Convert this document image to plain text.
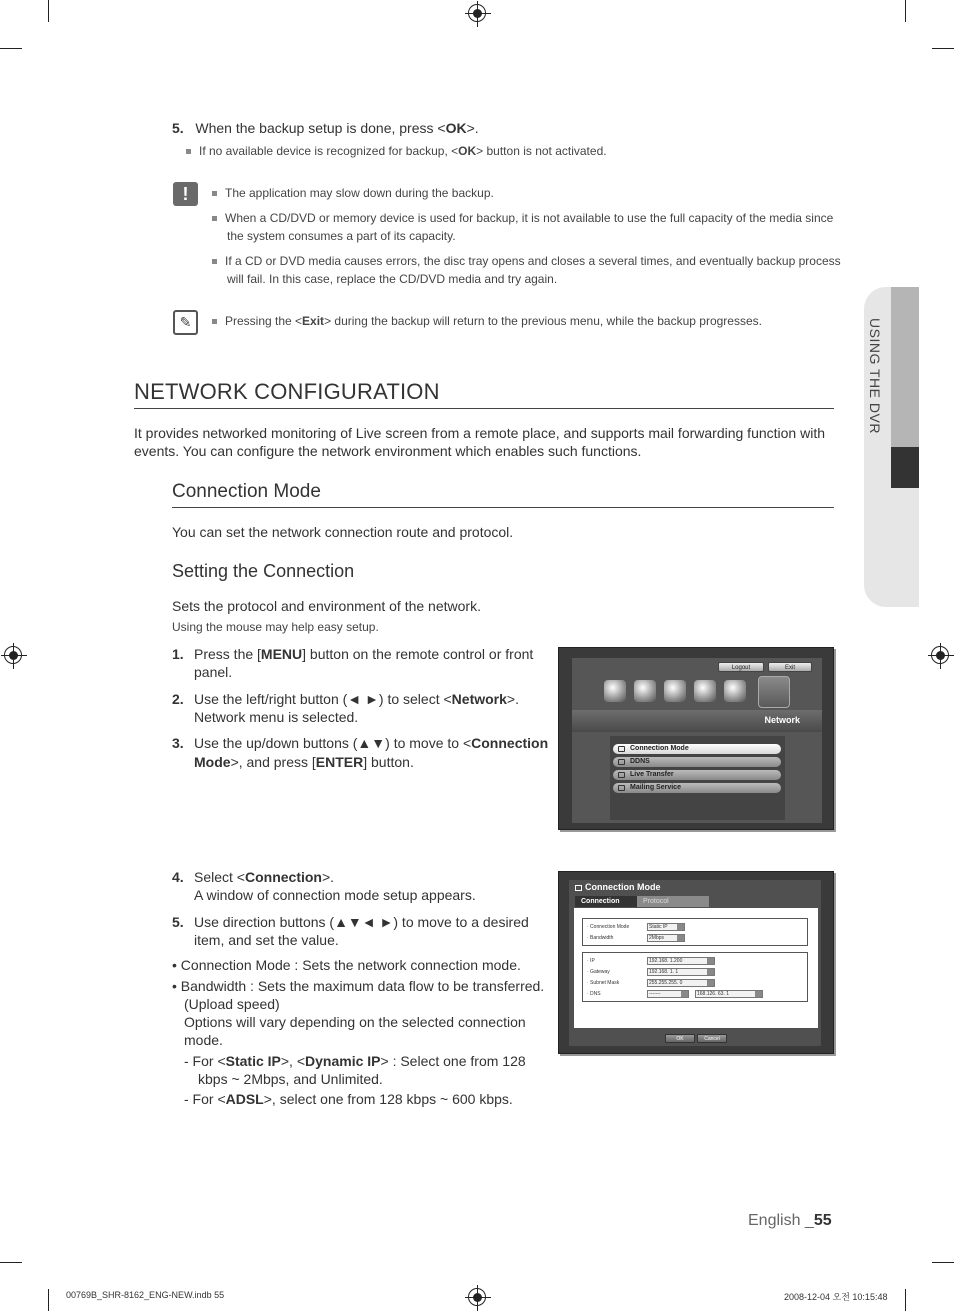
USING THE DVR
5. When the backup setup is done, press <OK>.
If no available device is recognized for backup, <OK> button is not activated.
!	The application may slow down during the backup.
When a CD/DVD or memory device is used for backup, it is not available to use the full capacity of the media since
the system consumes a part of its capacity.
If a CD or DVD media causes errors, the disc tray opens and closes a several times, and eventually backup process
will fail. In this case, replace the CD/DVD media and try again.
✎	Pressing the <Exit> during the backup will return to the previous menu, while the backup progresses.
NETWORK CONFIGURATION
It provides networked monitoring of Live screen from a remote place, and supports mail forwarding function with
events. You can configure the network environment which enables such functions.
Connection Mode
You can set the network connection route and protocol.
Setting the Connection
Sets the protocol and environment of the network.
Using the mouse may help easy setup.
1. Press the [MENU] button on the remote control or front
panel.
2. Use the left/right button (◄ ►) to select <Network>.
Network menu is selected.
3. Use the up/down buttons (▲▼) to move to <Connection
Mode>, and press [ENTER] button.
Logout	Exit
Network
Connection Mode
DDNS
Live Transfer
Mailing Service
4. Select <Connection>.
A window of connection mode setup appears.
5. Use direction buttons (▲▼◄ ►) to move to a desired
item, and set the value.
• Connection Mode : Sets the network connection mode.
• Bandwidth : Sets the maximum data flow to be transferred.
(Upload speed)
Options will vary depending on the selected connection
mode.
- For <Static IP>, <Dynamic IP> : Select one from 128
kbps ~ 2Mbps, and Unlimited.
- For <ADSL>, select one from 128 kbps ~ 600 kbps.
Connection Mode
Connection	Protocol
· Connection Mode	Static IP
· Bandwidth	2Mbps
· IP	192.168. 1.200
· Gateway	192.168. 1. 1
· Subnet Mask	255.255.255. 0
· DNS	-------	168.126. 63. 1
OK	Cancel
English _55
00769B_SHR-8162_ENG-NEW.indb 55	2008-12-04 오전 10:15:48
